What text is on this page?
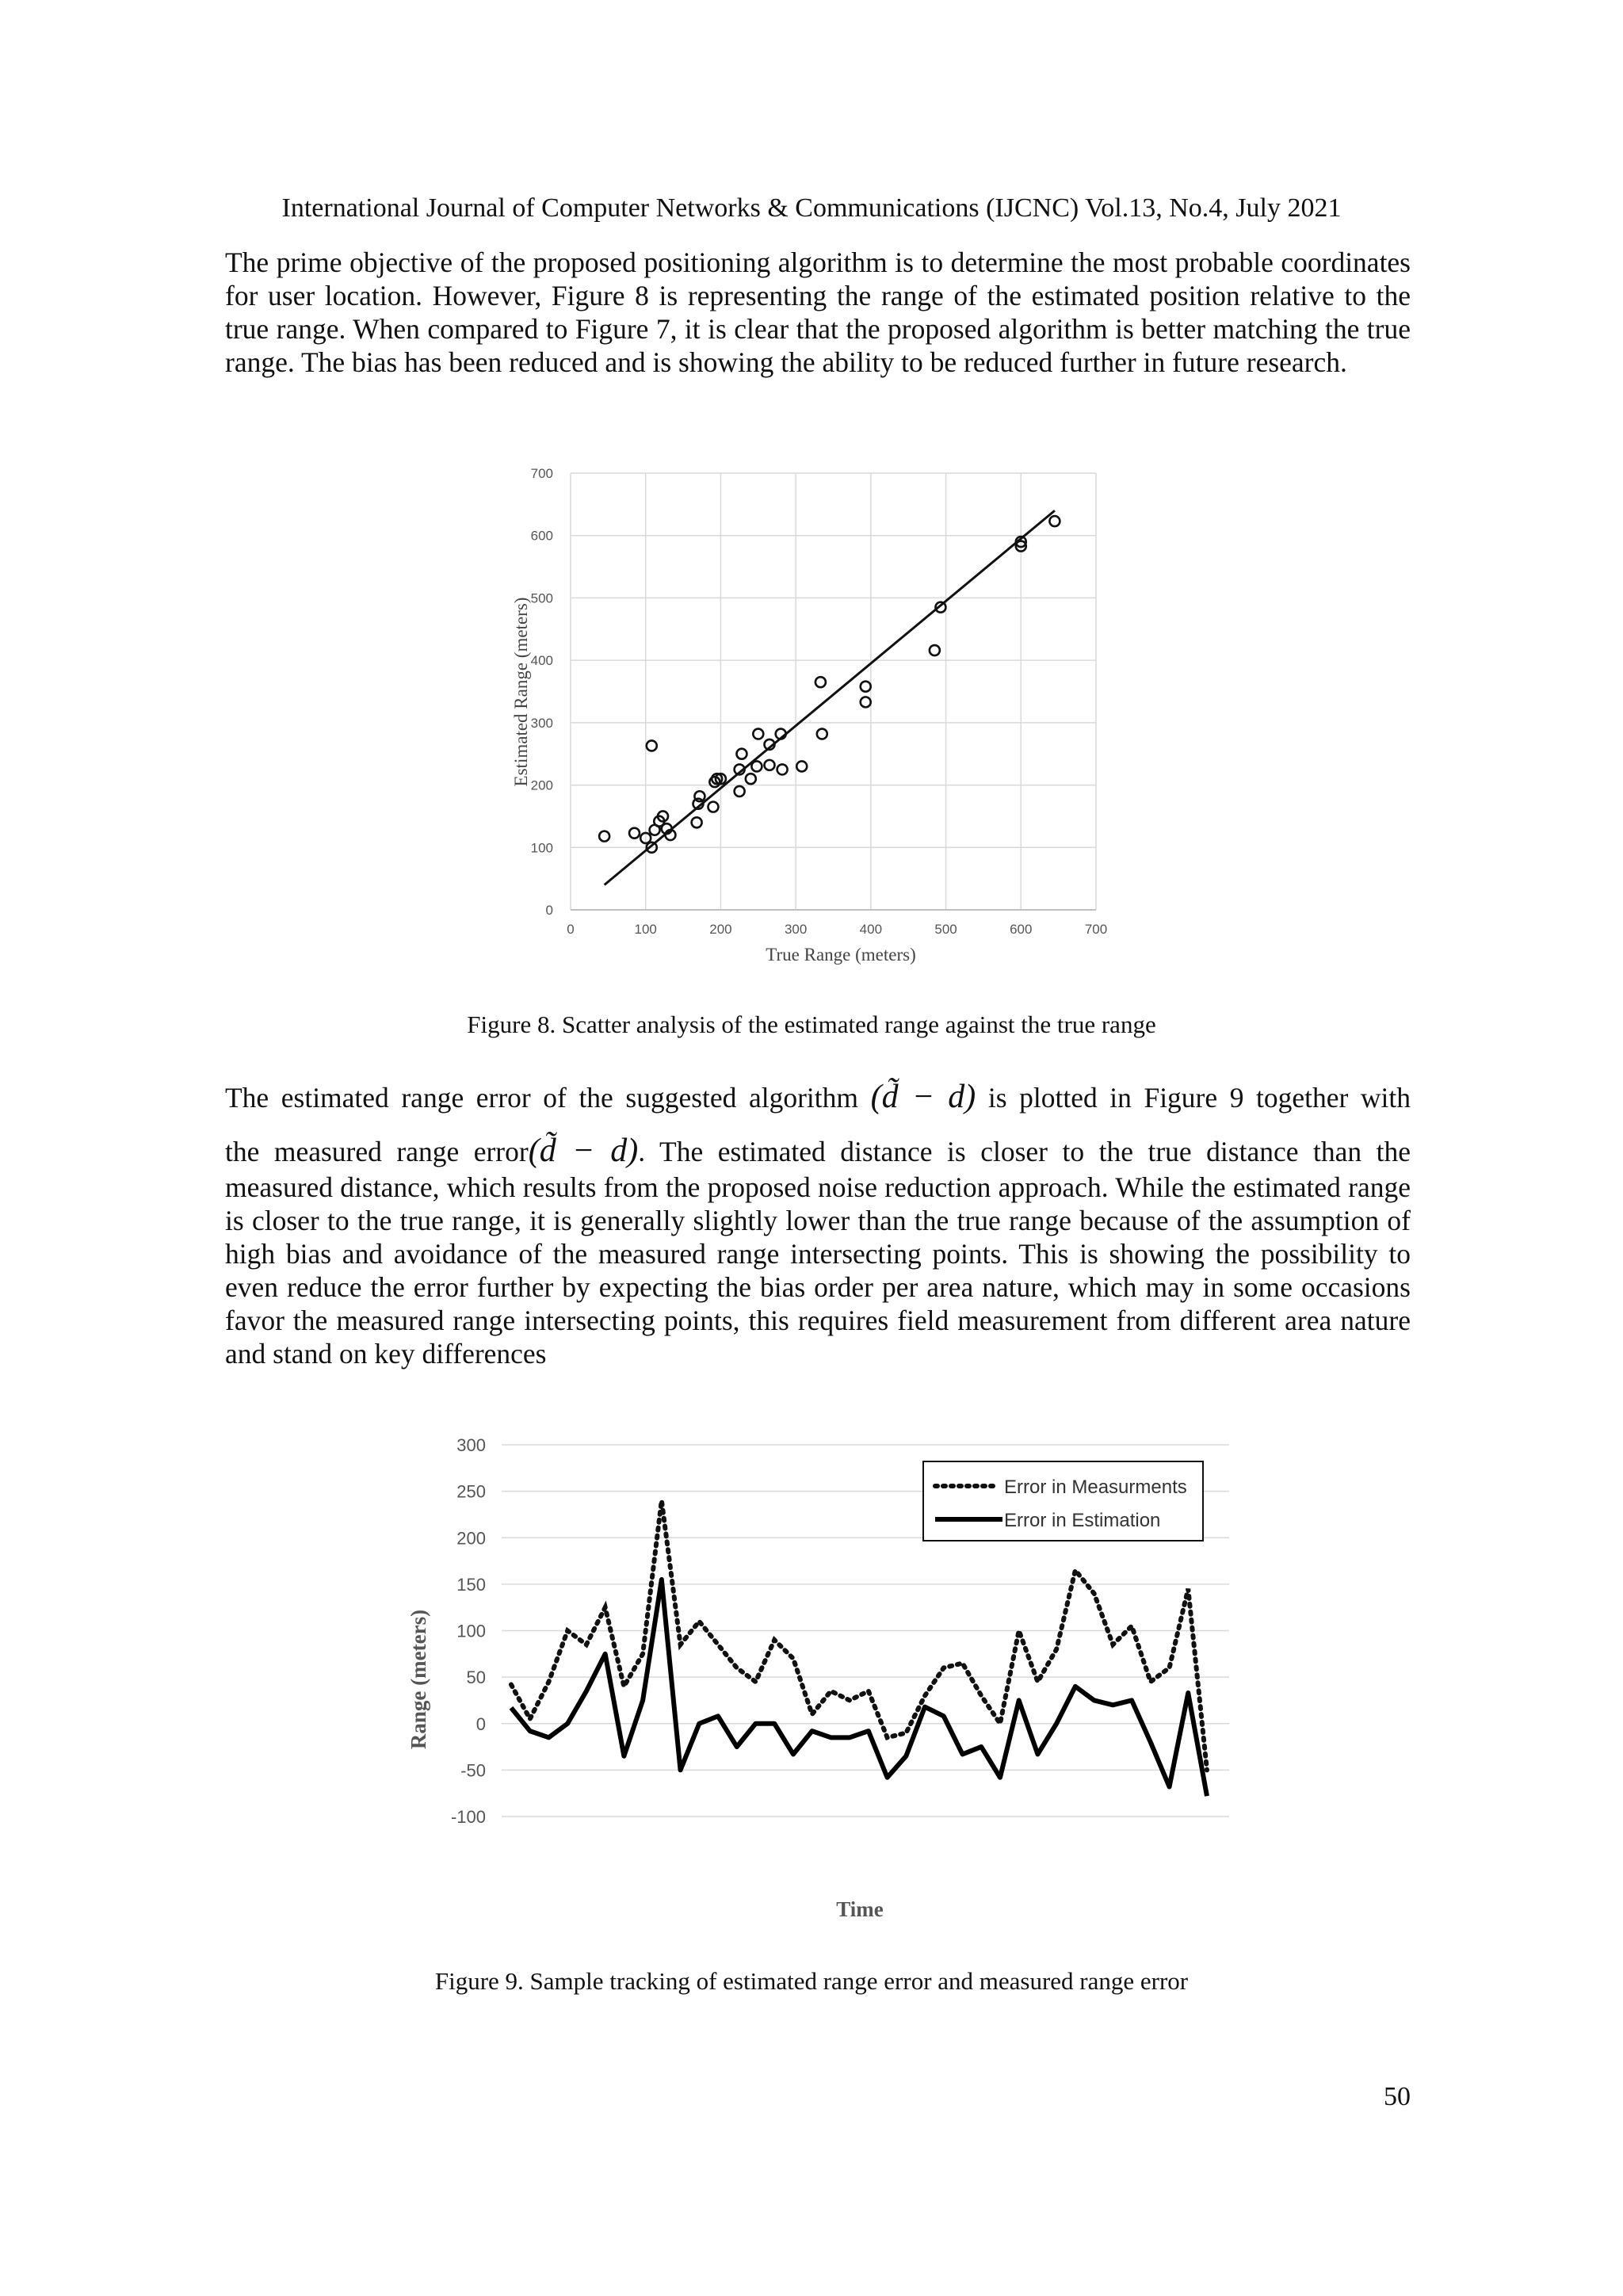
International Journal of Computer Networks & Communications (IJCNC) Vol.13, No.4, July 2021

The prime objective of the proposed positioning algorithm is to determine the most probable coordinates for user location. However, Figure 8 is representing the range of the estimated position relative to the true range. When compared to Figure 7, it is clear that the proposed algorithm is better matching the true range. The bias has been reduced and is showing the ability to be reduced further in future research.

0	100	200	300	400	500	600	700
0
100
200
300
400
500
600
700
True Range (meters)
Estimated Range (meters)
Figure 8. Scatter analysis of the estimated range against the true range
The estimated range error of the suggested algorithm (d̃ − d) is plotted in Figure 9 together with
the measured range error(d̃ − d). The estimated distance is closer to the true distance than the

measured distance, which results from the proposed noise reduction approach. While the estimated range is closer to the true range, it is generally slightly lower than the true range because of the assumption of high bias and avoidance of the measured range intersecting points. This is showing the possibility to even reduce the error further by expecting the bias order per area nature, which may in some occasions favor the measured range intersecting points, this requires field measurement from different area nature and stand on key differences

-100
-50
0
50
100
150
200
250
300
Error in Measurments
Error in Estimation
Time
Range (meters)
Figure 9. Sample tracking of estimated range error and measured range error
50
